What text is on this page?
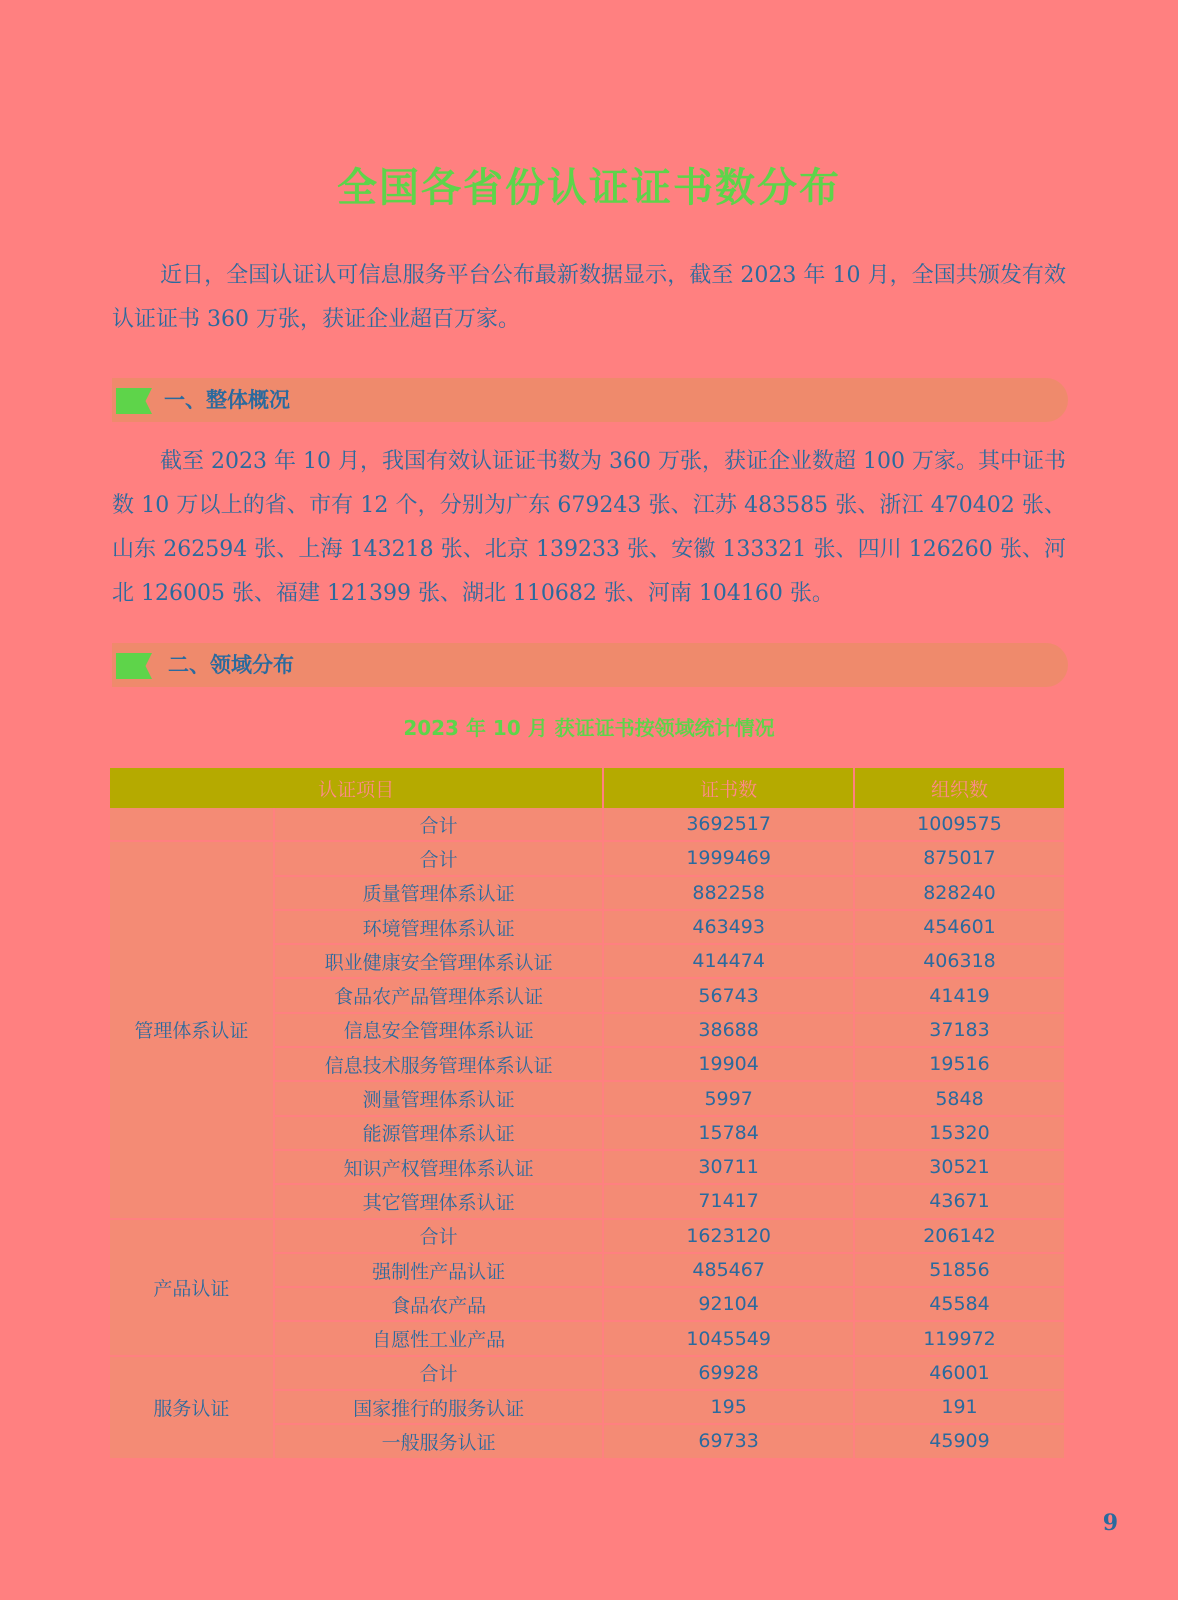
全国各省份认证证书数分布

近日，全国认证认可信息服务平台公布最新数据显示，截至 2023 年 10 月，全国共颁发有效认证证书 360 万张，获证企业超百万家。

一、整体概况

截至 2023 年 10 月，我国有效认证证书数为 360 万张，获证企业数超 100 万家。其中证书数 10 万以上的省、市有 12 个，分别为广东 679243 张、江苏 483585 张、浙江 470402 张、山东 262594 张、上海 143218 张、北京 139233 张、安徽 133321 张、四川 126260 张、河北 126005 张、福建 121399 张、湖北 110682 张、河南 104160 张。

二、领域分布
2023 年 10 月 获证证书按领域统计情况
认证项目		证书数	组织数
	合计	3692517	1009575
管理体系认证	合计	1999469	875017
	质量管理体系认证	882258	828240
	环境管理体系认证	463493	454601
	职业健康安全管理体系认证	414474	406318
	食品农产品管理体系认证	56743	41419
	信息安全管理体系认证	38688	37183
	信息技术服务管理体系认证	19904	19516
	测量管理体系认证	5997	5848
	能源管理体系认证	15784	15320
	知识产权管理体系认证	30711	30521
	其它管理体系认证	71417	43671
产品认证	合计	1623120	206142
	强制性产品认证	485467	51856
	食品农产品	92104	45584
	自愿性工业产品	1045549	119972
服务认证	合计	69928	46001
	国家推行的服务认证	195	191
	一般服务认证	69733	45909
9
